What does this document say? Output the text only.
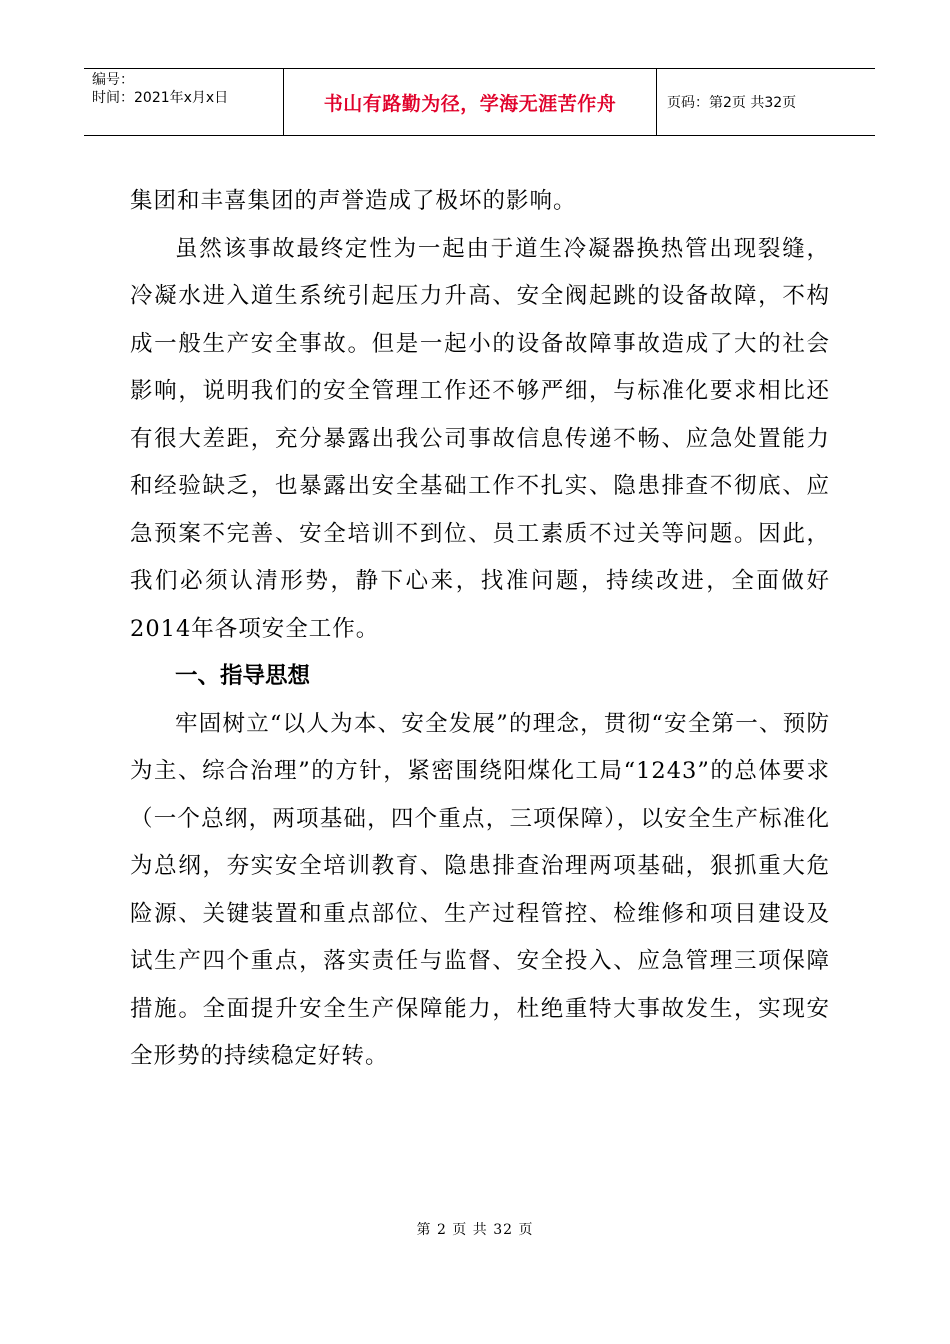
编号：
时间：2021年x月x日	书山有路勤为径，学海无涯苦作舟	页码：第2页 共32页

集团和丰喜集团的声誉造成了极坏的影响。

虽然该事故最终定性为一起由于道生冷凝器换热管出现裂缝，冷凝水进入道生系统引起压力升高、安全阀起跳的设备故障，不构成一般生产安全事故。但是一起小的设备故障事故造成了大的社会影响，说明我们的安全管理工作还不够严细，与标准化要求相比还有很大差距，充分暴露出我公司事故信息传递不畅、应急处置能力和经验缺乏，也暴露出安全基础工作不扎实、隐患排查不彻底、应急预案不完善、安全培训不到位、员工素质不过关等问题。因此，我们必须认清形势，静下心来，找准问题，持续改进，全面做好2014年各项安全工作。

一、指导思想

牢固树立“以人为本、安全发展”的理念，贯彻“安全第一、预防为主、综合治理”的方针，紧密围绕阳煤化工局“1243”的总体要求（一个总纲，两项基础，四个重点，三项保障），以安全生产标准化为总纲，夯实安全培训教育、隐患排查治理两项基础，狠抓重大危险源、关键装置和重点部位、生产过程管控、检维修和项目建设及试生产四个重点，落实责任与监督、安全投入、应急管理三项保障措施。全面提升安全生产保障能力，杜绝重特大事故发生，实现安全形势的持续稳定好转。

第 2 页 共 32 页
